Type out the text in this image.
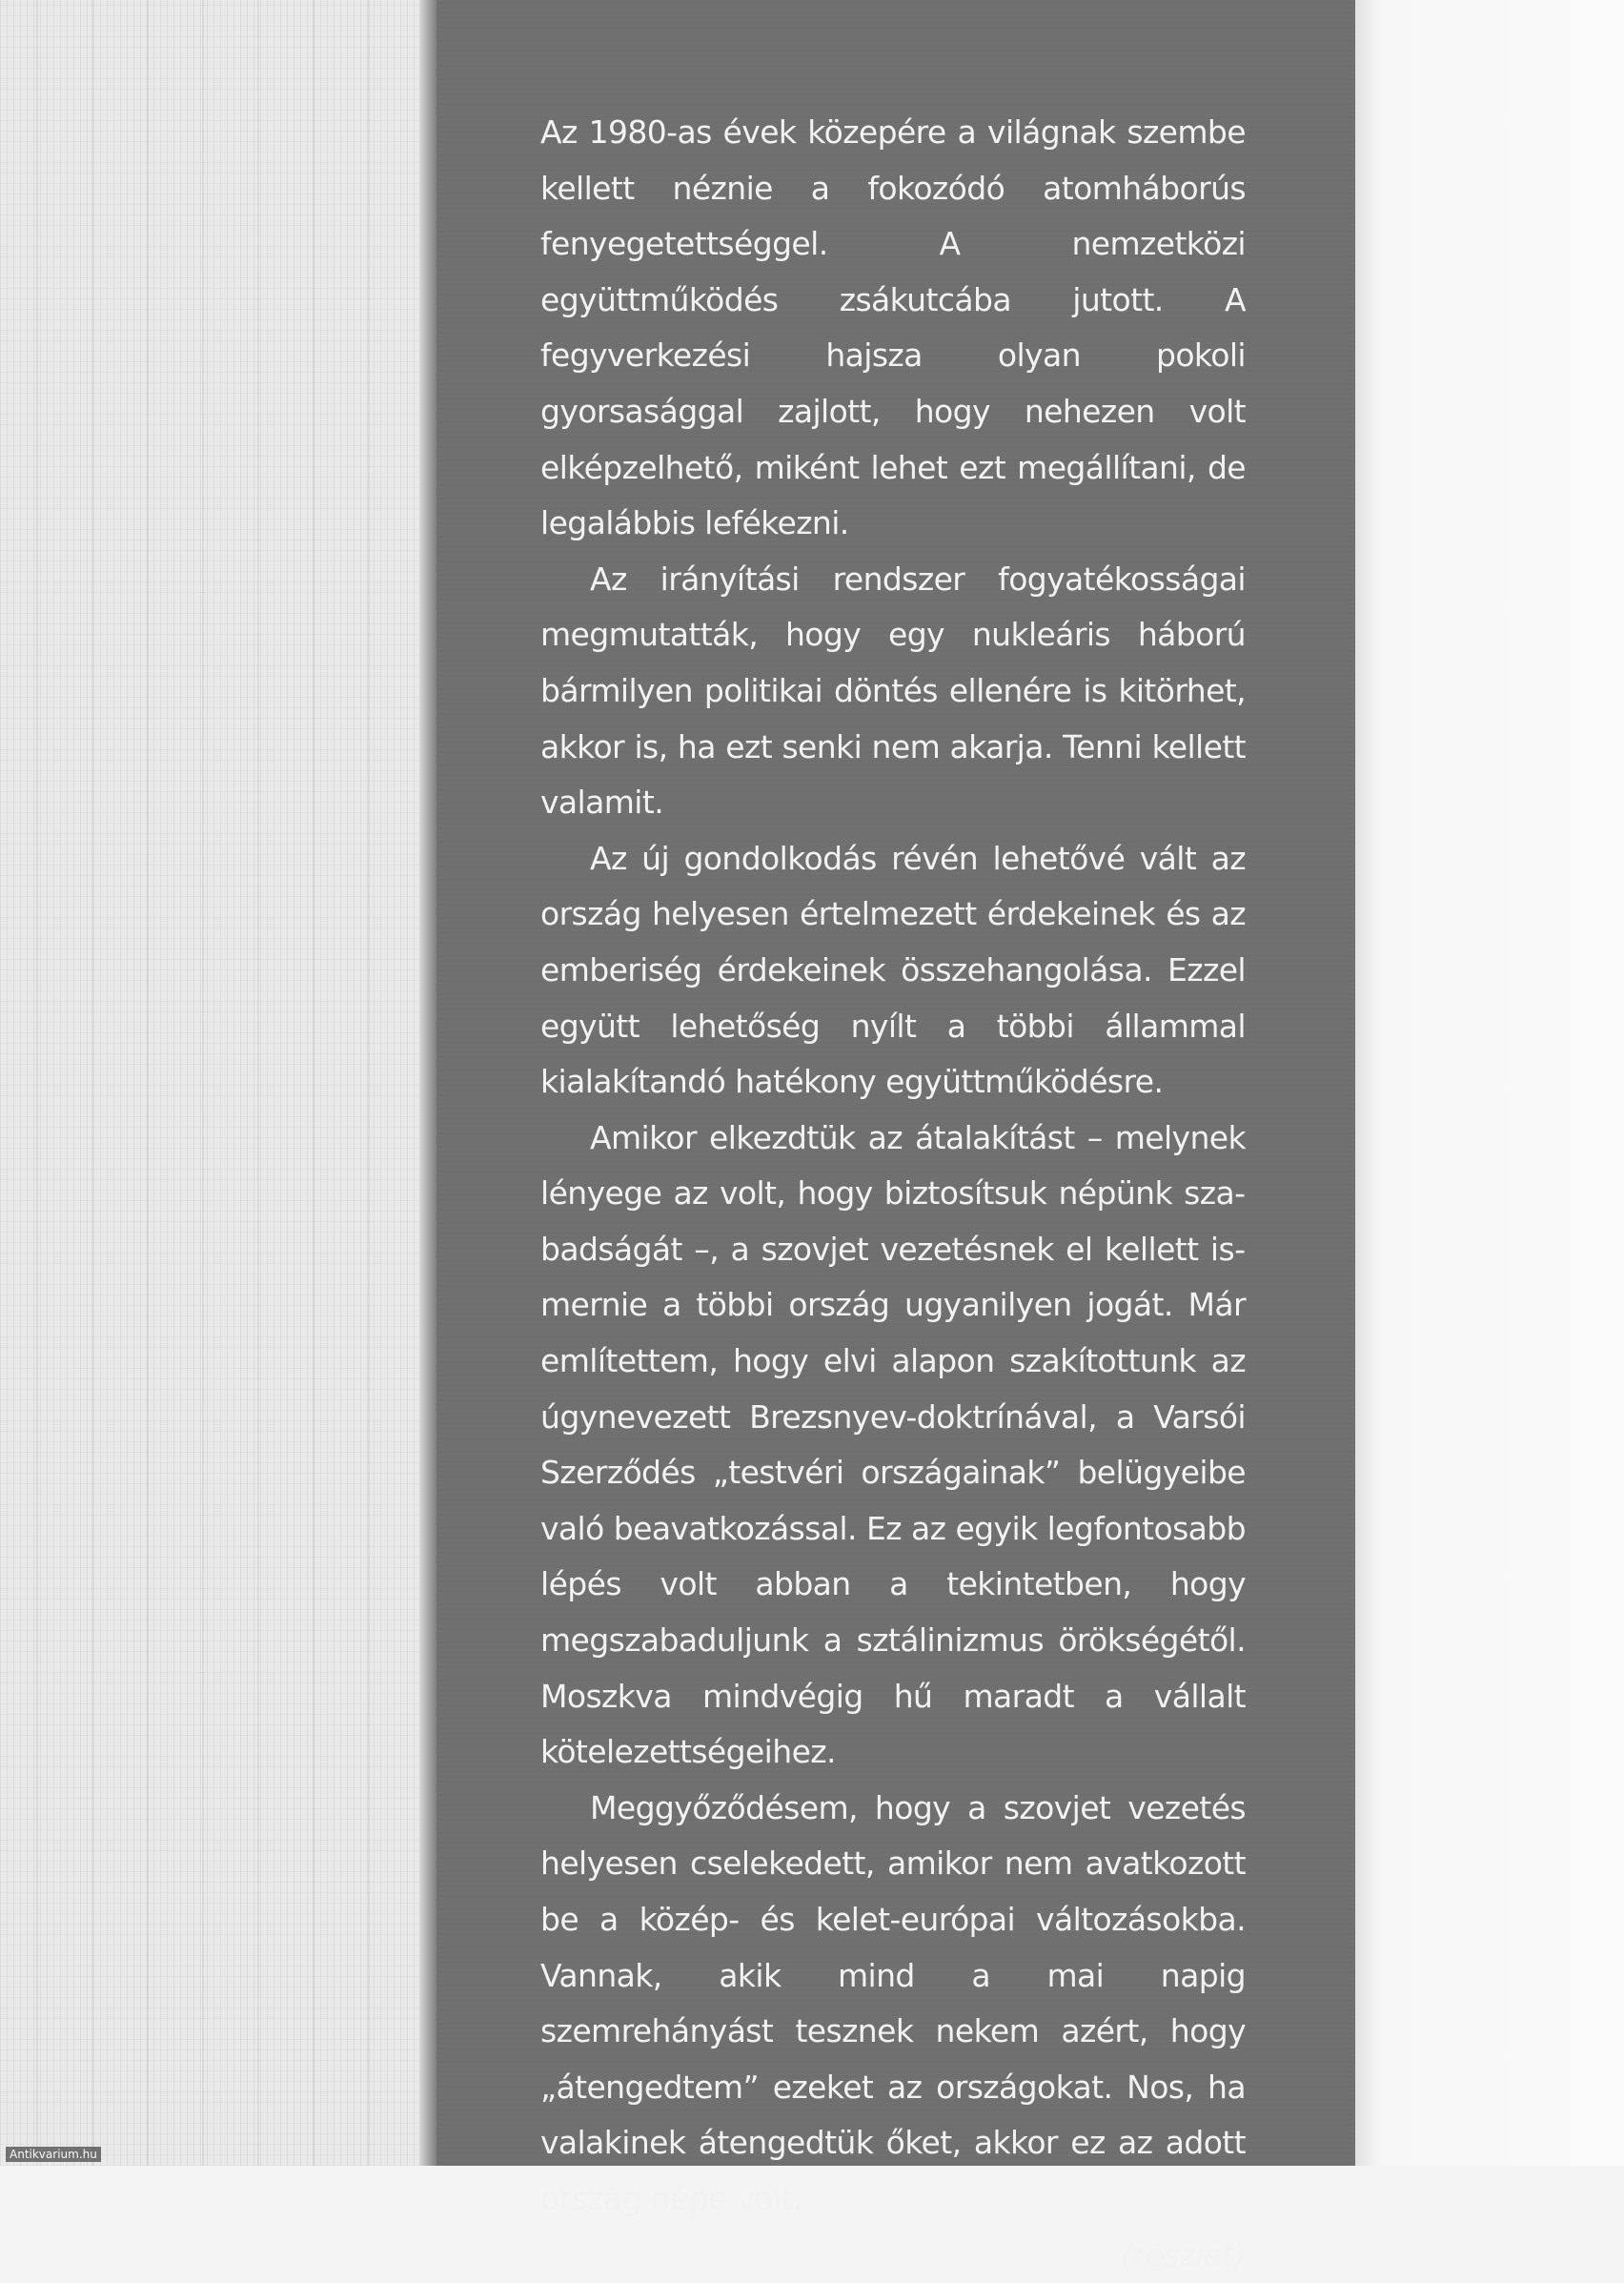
Az 1980-as évek közepére a világnak szembe kellett néznie a fokozódó atomháborús fenyegetettséggel. A nemzetközi együttműködés zsákutcába jutott. A fegyverkezési hajsza olyan pokoli gyorsasággal zajlott, hogy nehezen volt elképzelhető, miként lehet ezt megállítani, de legalábbis lefékezni.

Az irányítási rendszer fogyatékosságai megmutatták, hogy egy nukleáris háború bármilyen politikai döntés ellenére is kitörhet, akkor is, ha ezt senki nem akarja. Tenni kellett valamit.

Az új gondolkodás révén lehetővé vált az ország helyesen értelmezett érdekeinek és az emberiség érdekeinek összehangolása. Ezzel együtt lehetőség nyílt a többi állammal kialakítandó hatékony együttműködésre.

Amikor elkezdtük az átalakítást – melynek lényege az volt, hogy biztosítsuk népünk szabadságát –, a szovjet vezetésnek el kellett ismernie a többi ország ugyanilyen jogát. Már említettem, hogy elvi alapon szakítottunk az úgynevezett Brezsnyev-doktrínával, a Varsói Szerződés „testvéri országainak” belügyeibe való beavatkozással. Ez az egyik legfontosabb lépés volt abban a tekintetben, hogy megszabaduljunk a sztálinizmus örökségétől. Moszkva mindvégig hű maradt a vállalt kötelezettségeihez.

Meggyőződésem, hogy a szovjet vezetés helyesen cselekedett, amikor nem avatkozott be a közép- és kelet-európai változásokba. Vannak, akik mind a mai napig szemrehányást tesznek nekem azért, hogy „átengedtem” ezeket az országokat. Nos, ha valakinek átengedtük őket, akkor ez az adott ország népe volt.

(részlet)

Antikvarium.hu
